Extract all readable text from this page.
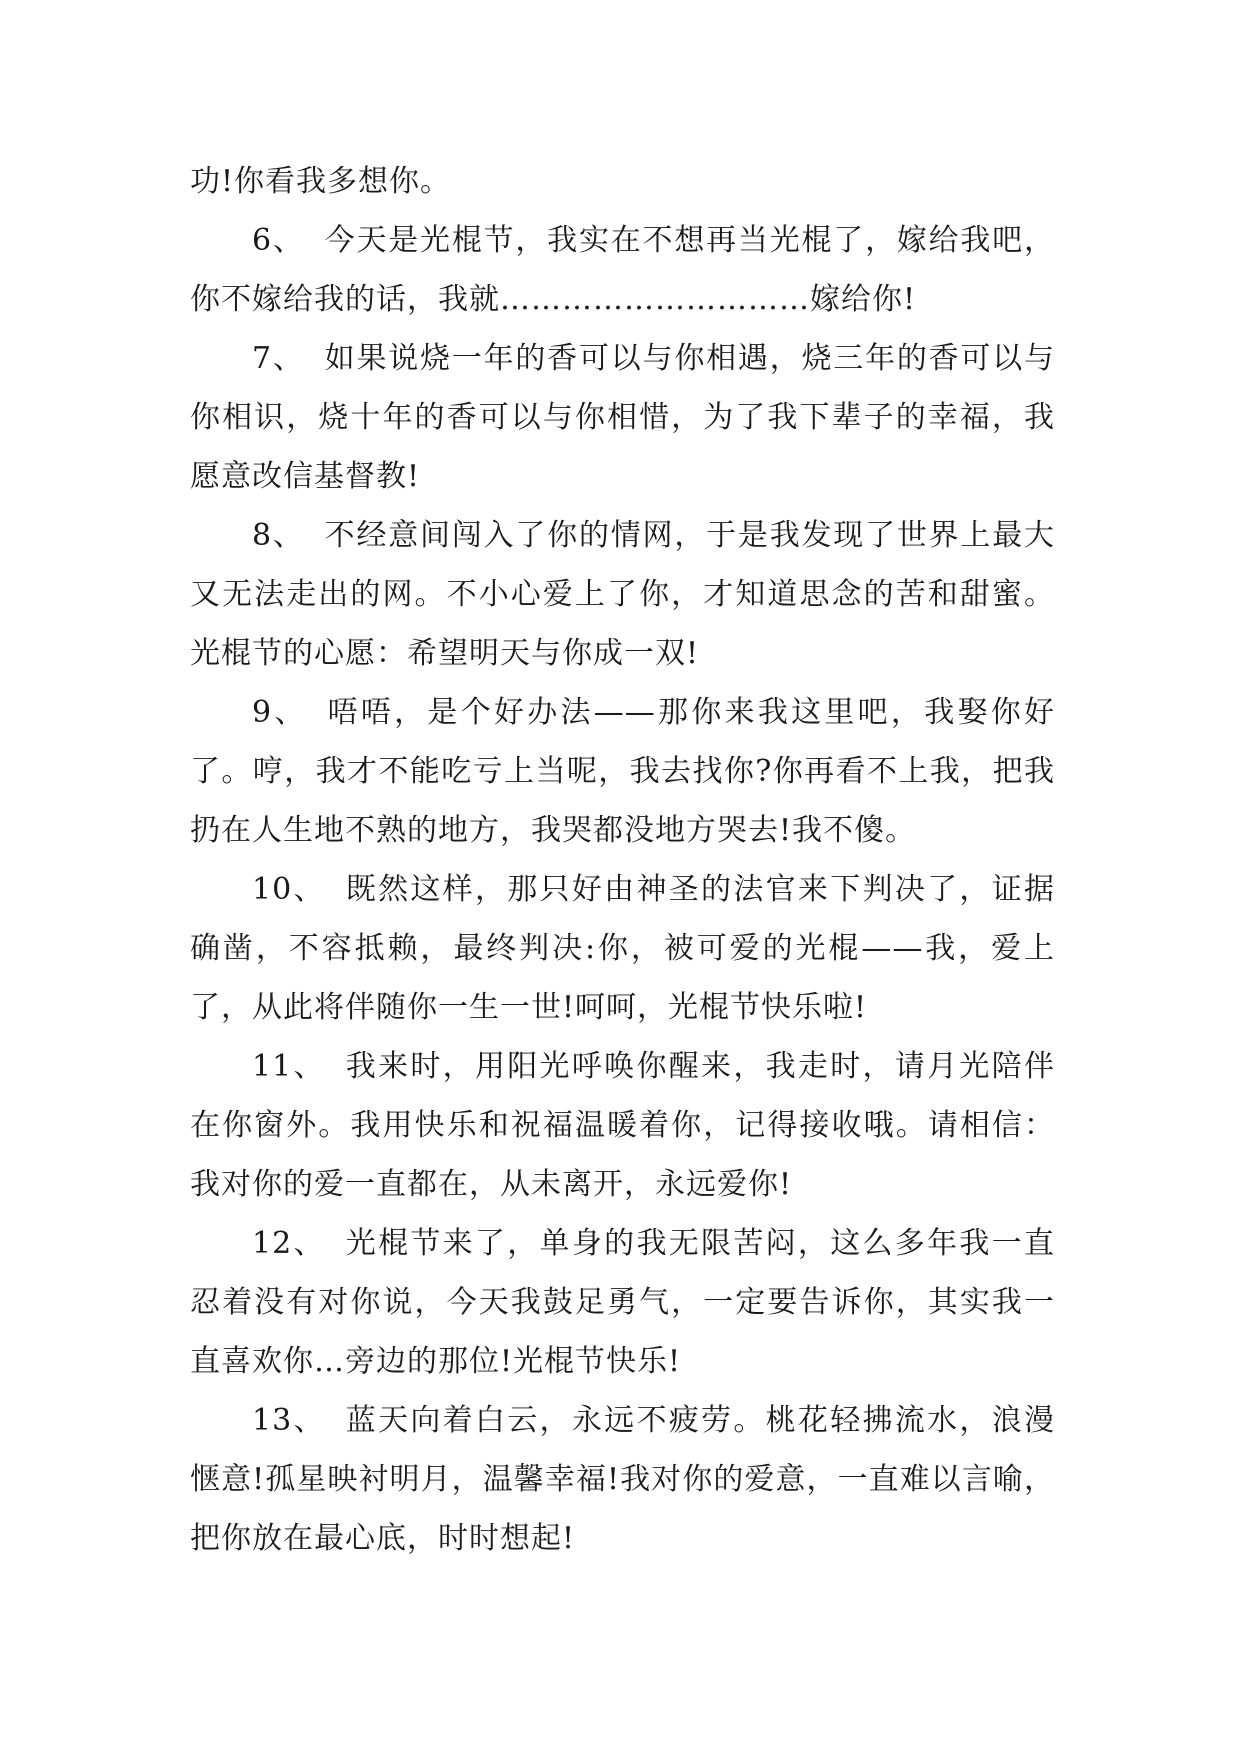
功!你看我多想你。

6、 今天是光棍节，我实在不想再当光棍了，嫁给我吧，你不嫁给我的话，我就…………………………嫁给你!

7、 如果说烧一年的香可以与你相遇，烧三年的香可以与你相识，烧十年的香可以与你相惜，为了我下辈子的幸福，我愿意改信基督教!

8、 不经意间闯入了你的情网，于是我发现了世界上最大又无法走出的网。不小心爱上了你，才知道思念的苦和甜蜜。光棍节的心愿：希望明天与你成一双!

9、 唔唔，是个好办法——那你来我这里吧，我娶你好了。哼，我才不能吃亏上当呢，我去找你?你再看不上我，把我扔在人生地不熟的地方，我哭都没地方哭去!我不傻。

10、 既然这样，那只好由神圣的法官来下判决了，证据确凿，不容抵赖，最终判决:你，被可爱的光棍——我，爱上了，从此将伴随你一生一世!呵呵，光棍节快乐啦!

11、 我来时，用阳光呼唤你醒来，我走时，请月光陪伴在你窗外。我用快乐和祝福温暖着你，记得接收哦。请相信：我对你的爱一直都在，从未离开，永远爱你!

12、 光棍节来了，单身的我无限苦闷，这么多年我一直忍着没有对你说，今天我鼓足勇气，一定要告诉你，其实我一直喜欢你…旁边的那位!光棍节快乐!

13、 蓝天向着白云，永远不疲劳。桃花轻拂流水，浪漫惬意!孤星映衬明月，温馨幸福!我对你的爱意，一直难以言喻，把你放在最心底，时时想起!
